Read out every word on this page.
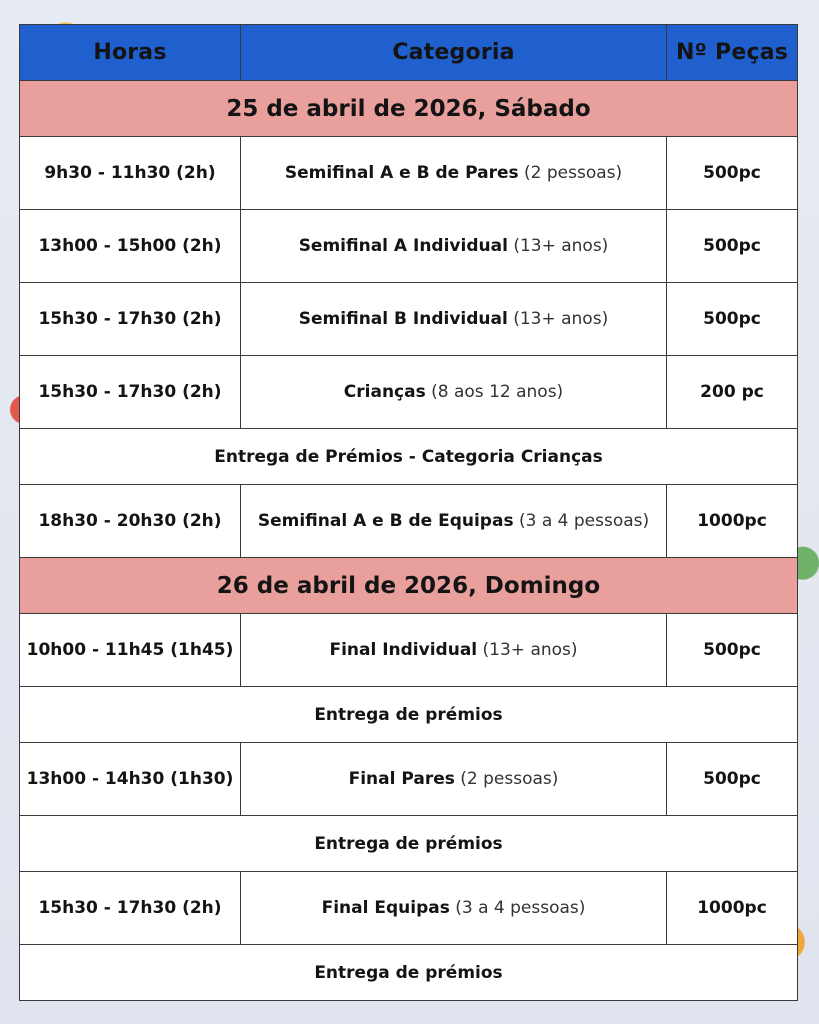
Horas	Categoria	Nº Peças
25 de abril de 2026, Sábado		
9h30 - 11h30 (2h)	Semifinal A e B de Pares (2 pessoas)	500pc
13h00 - 15h00 (2h)	Semifinal A Individual (13+ anos)	500pc
15h30 - 17h30 (2h)	Semifinal B Individual (13+ anos)	500pc
15h30 - 17h30 (2h)	Crianças (8 aos 12 anos)	200 pc
Entrega de Prémios - Categoria Crianças		
18h30 - 20h30 (2h)	Semifinal A e B de Equipas (3 a 4 pessoas)	1000pc
26 de abril de 2026, Domingo		
10h00 - 11h45 (1h45)	Final Individual (13+ anos)	500pc
Entrega de prémios		
13h00 - 14h30 (1h30)	Final Pares (2 pessoas)	500pc
Entrega de prémios		
15h30 - 17h30 (2h)	Final Equipas (3 a 4 pessoas)	1000pc
Entrega de prémios		
